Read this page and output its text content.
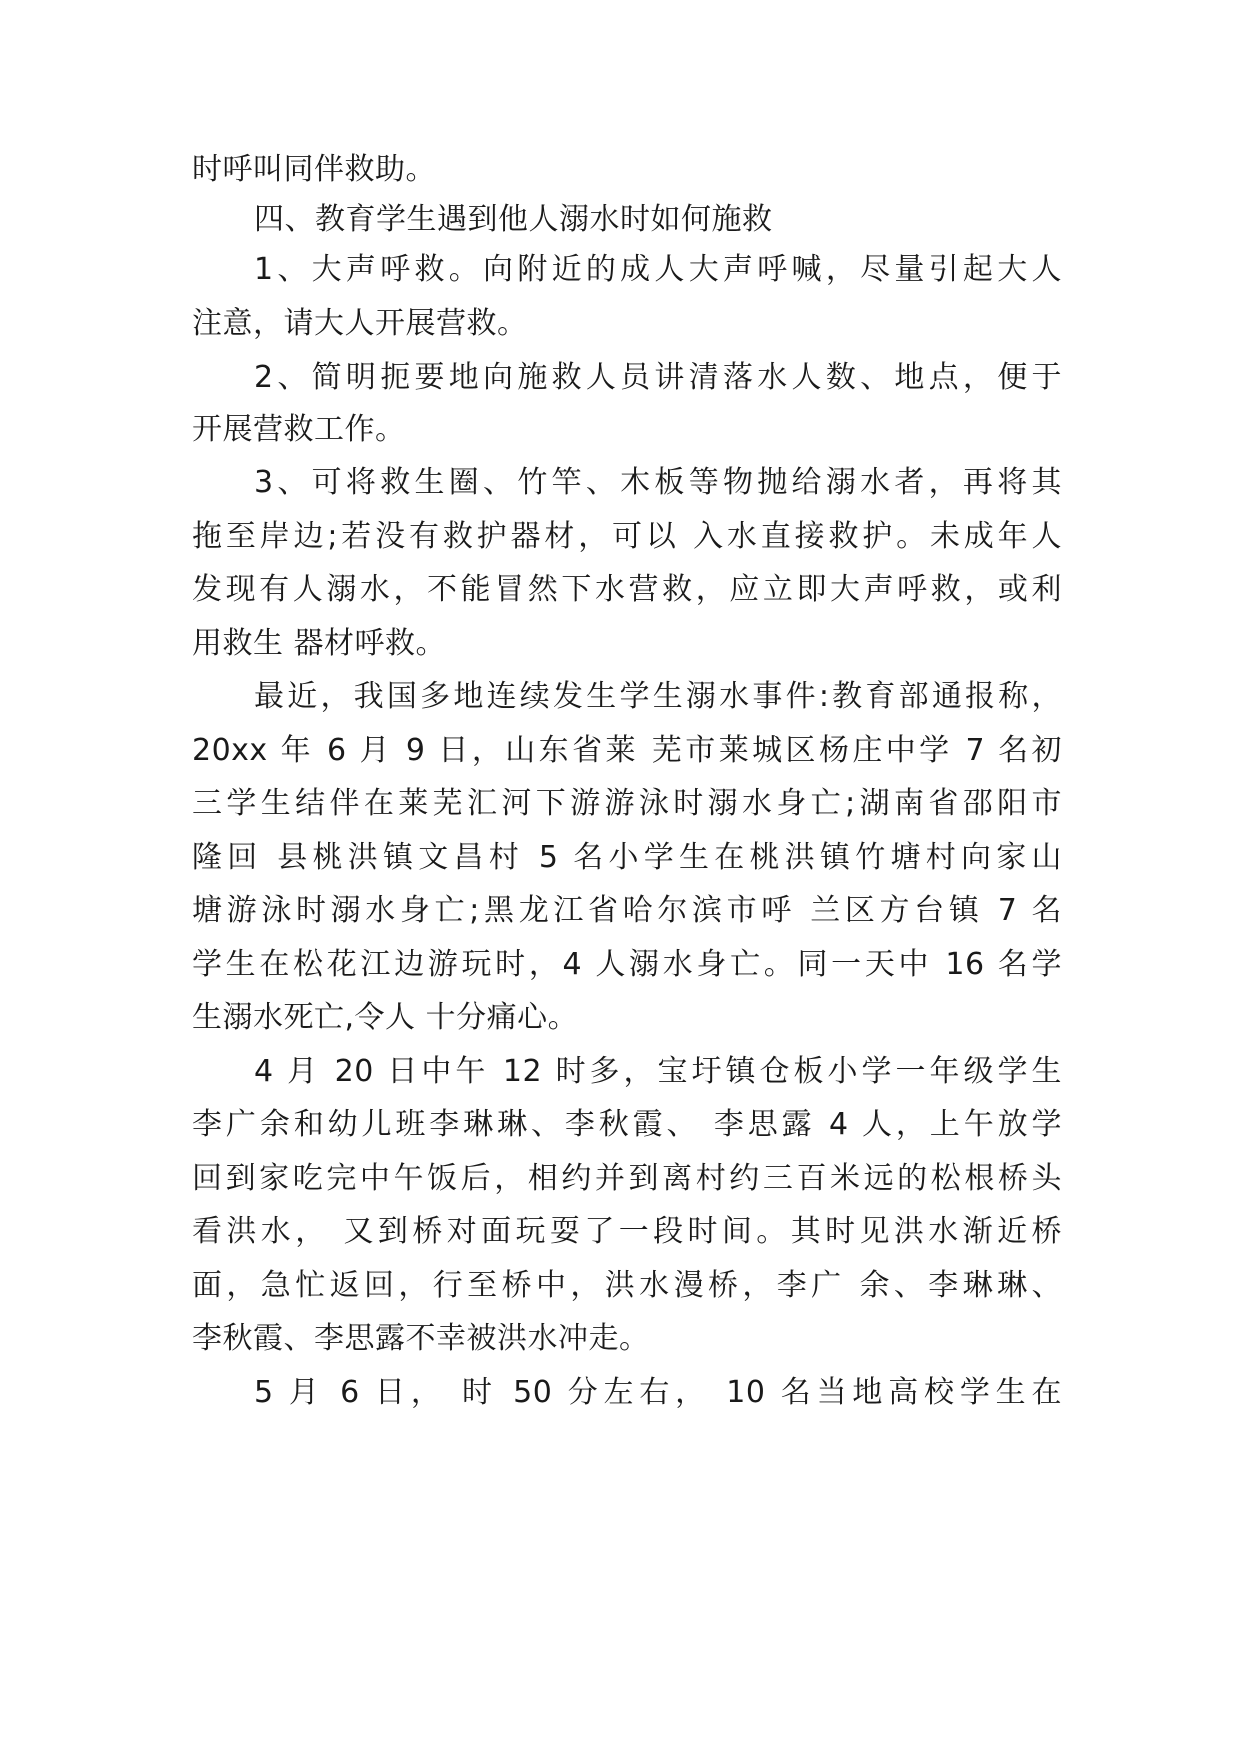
时呼叫同伴救助。
四、教育学生遇到他人溺水时如何施救
1、大声呼救。向附近的成人大声呼喊，尽量引起大人
注意，请大人开展营救。
2、简明扼要地向施救人员讲清落水人数、地点，便于
开展营救工作。
3、可将救生圈、竹竿、木板等物抛给溺水者，再将其
拖至岸边;若没有救护器材，可以 入水直接救护。未成年人
发现有人溺水，不能冒然下水营救，应立即大声呼救，或利
用救生 器材呼救。
最近，我国多地连续发生学生溺水事件:教育部通报称，
20xx 年 6 月 9 日，山东省莱 芜市莱城区杨庄中学 7 名初
三学生结伴在莱芜汇河下游游泳时溺水身亡;湖南省邵阳市
隆回 县桃洪镇文昌村 5 名小学生在桃洪镇竹塘村向家山
塘游泳时溺水身亡;黑龙江省哈尔滨市呼 兰区方台镇 7 名
学生在松花江边游玩时，4 人溺水身亡。同一天中 16 名学
生溺水死亡,令人 十分痛心。
4 月 20 日中午 12 时多，宝圩镇仓板小学一年级学生
李广余和幼儿班李琳琳、李秋霞、 李思露 4 人，上午放学
回到家吃完中午饭后，相约并到离村约三百米远的松根桥头
看洪水， 又到桥对面玩耍了一段时间。其时见洪水渐近桥
面，急忙返回，行至桥中，洪水漫桥，李广 余、李琳琳、
李秋霞、李思露不幸被洪水冲走。
5 月 6 日， 时 50 分左右， 10 名当地高校学生在
